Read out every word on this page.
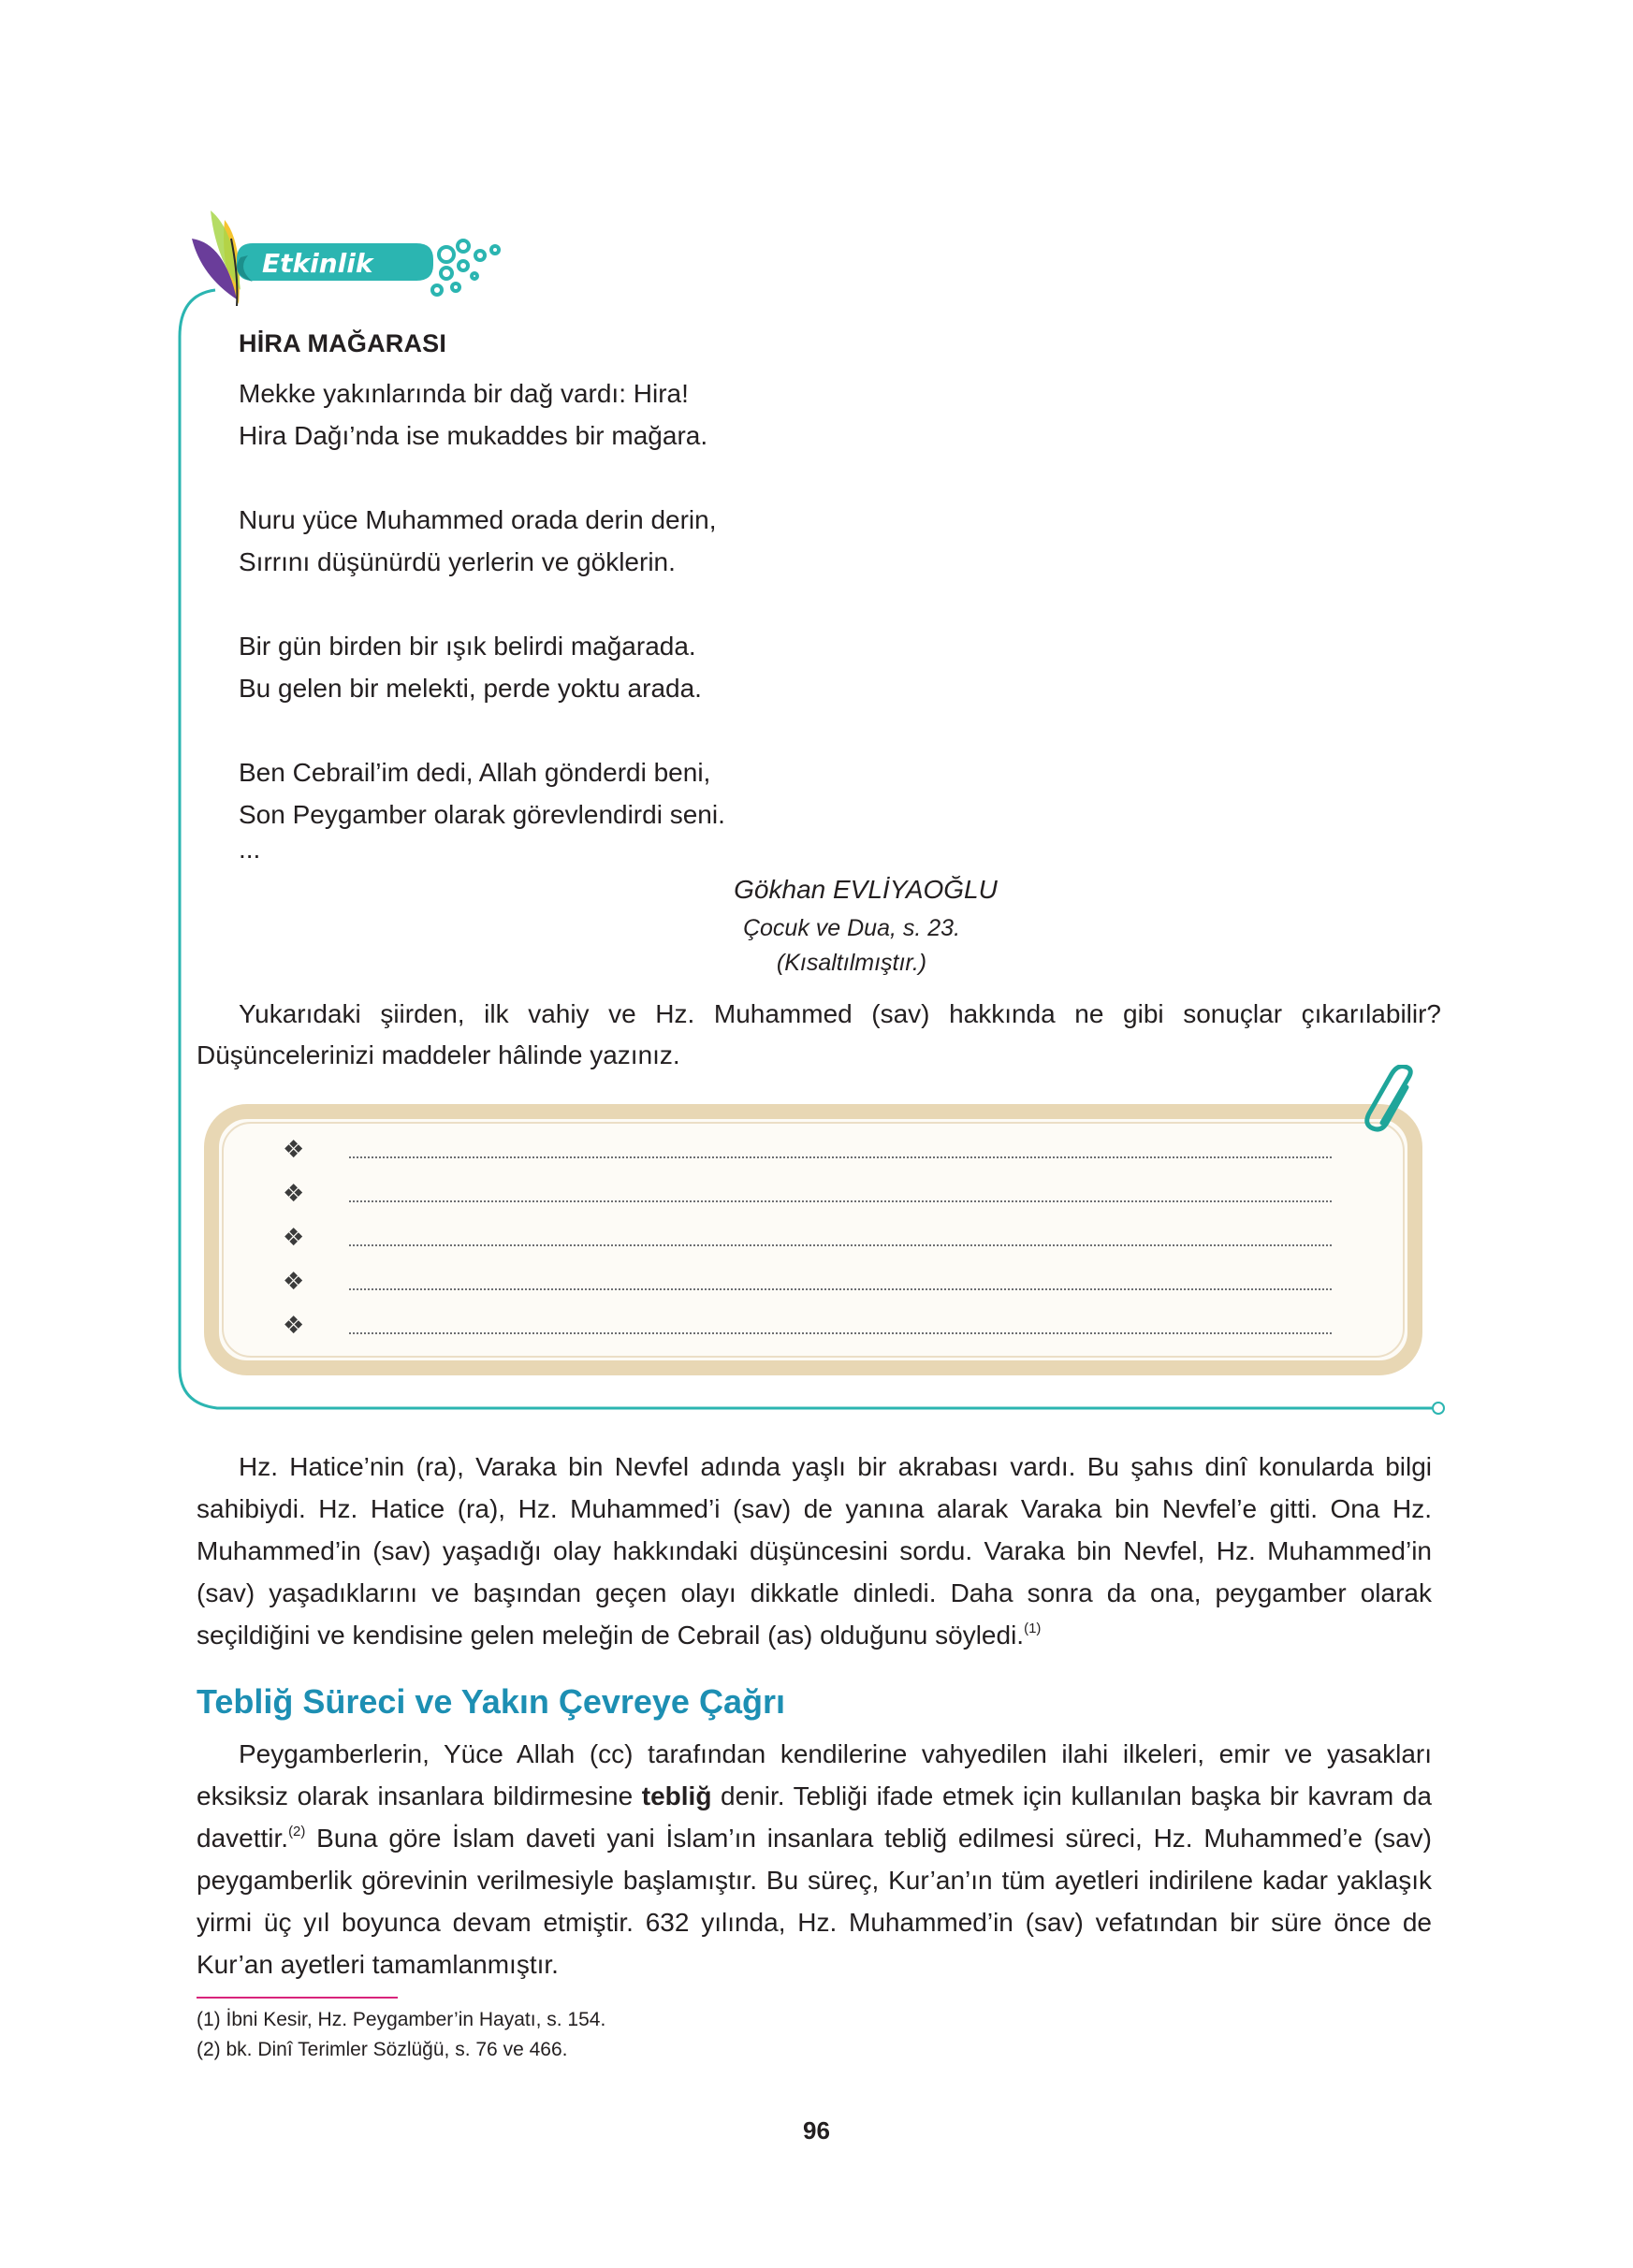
Etkinlik
HİRA MAĞARASI
Mekke yakınlarında bir dağ vardı: Hira!
Hira Dağı’nda ise mukaddes bir mağara.
Nuru yüce Muhammed orada derin derin,
Sırrını düşünürdü yerlerin ve göklerin.
Bir gün birden bir ışık belirdi mağarada.
Bu gelen bir melekti, perde yoktu arada.
Ben Cebrail’im dedi, Allah gönderdi beni,
Son Peygamber olarak görevlendirdi seni.
...
Gökhan EVLİYAOĞLU
Çocuk ve Dua, s. 23.
(Kısaltılmıştır.)
Yukarıdaki şiirden, ilk vahiy ve Hz. Muhammed (sav) hakkında ne gibi sonuçlar çıkarılabilir? Düşüncelerinizi maddeler hâlinde yazınız.
❖
❖
❖
❖
❖

Hz. Hatice’nin (ra), Varaka bin Nevfel adında yaşlı bir akrabası vardı. Bu şahıs dinî konularda bilgi sahibiydi. Hz. Hatice (ra), Hz. Muhammed’i (sav) de yanına alarak Varaka bin Nevfel’e gitti. Ona Hz. Muhammed’in (sav) yaşadığı olay hakkındaki düşüncesini sordu. Varaka bin Nevfel, Hz. Muhammed’in (sav) yaşadıklarını ve başından geçen olayı dikkatle dinledi. Daha sonra da ona, peygamber olarak seçildiğini ve kendisine gelen meleğin de Cebrail (as) olduğunu söyledi.$^{(1)}$

Tebliğ Süreci ve Yakın Çevreye Çağrı

Peygamberlerin, Yüce Allah (cc) tarafından kendilerine vahyedilen ilahi ilkeleri, emir ve yasakları eksiksiz olarak insanlara bildirmesine tebliğ denir. Tebliği ifade etmek için kullanılan başka bir kavram da davettir.$^{(2)}$ Buna göre İslam daveti yani İslam’ın insanlara tebliğ edilmesi süreci, Hz. Muhammed’e (sav) peygamberlik görevinin verilmesiyle başlamıştır. Bu süreç, Kur’an’ın tüm ayetleri indirilene kadar yaklaşık yirmi üç yıl boyunca devam etmiştir. 632 yılında, Hz. Muhammed’in (sav) vefatından bir süre önce de Kur’an ayetleri tamamlanmıştır.

(1) İbni Kesir, Hz. Peygamber’in Hayatı, s. 154.
(2) bk. Dinî Terimler Sözlüğü, s. 76 ve 466.
96
